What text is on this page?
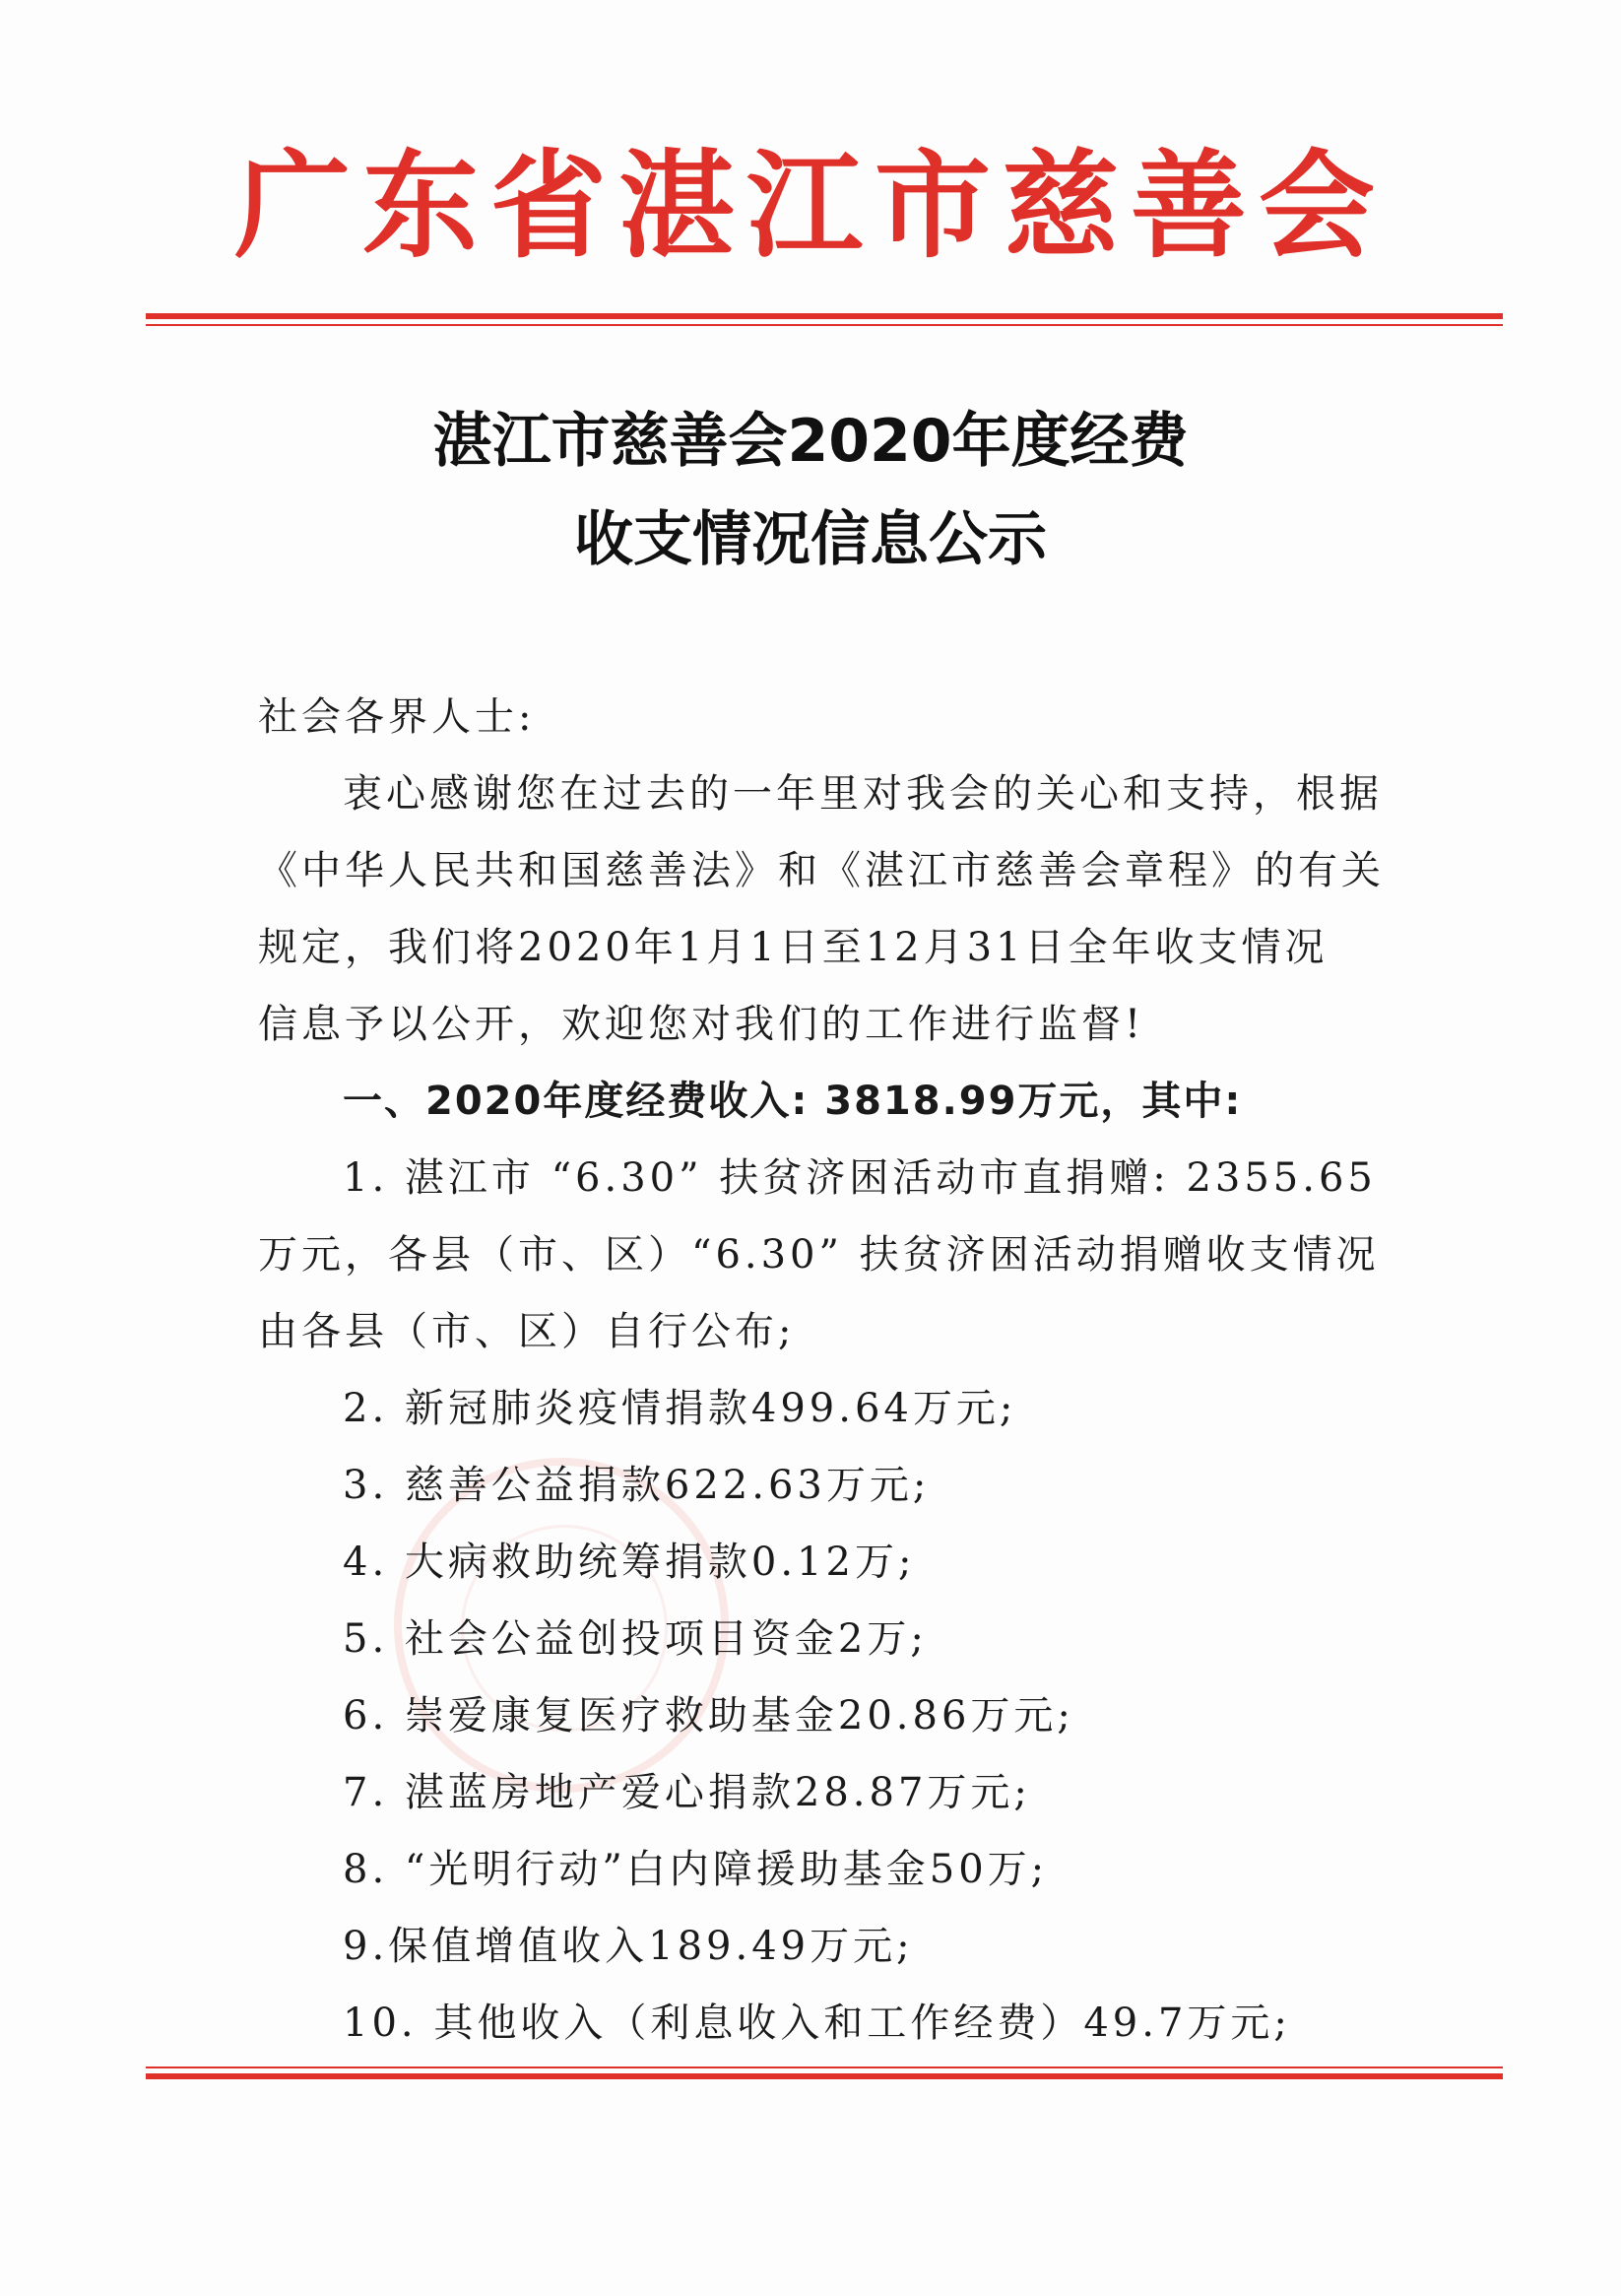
广东省湛江市慈善会
湛江市慈善会2020年度经费
收支情况信息公示
社会各界人士:
衷心感谢您在过去的一年里对我会的关心和支持，根据
《中华人民共和国慈善法》和《湛江市慈善会章程》的有关
规定，我们将2020年1月1日至12月31日全年收支情况
信息予以公开，欢迎您对我们的工作进行监督!
一、2020年度经费收入: 3818.99万元，其中:
1. 湛江市 “6.30” 扶贫济困活动市直捐赠: 2355.65
万元，各县（市、区）“6.30” 扶贫济困活动捐赠收支情况
由各县（市、区）自行公布;
2. 新冠肺炎疫情捐款499.64万元;
3. 慈善公益捐款622.63万元;
4. 大病救助统筹捐款0.12万;
5. 社会公益创投项目资金2万;
6. 崇爱康复医疗救助基金20.86万元;
7. 湛蓝房地产爱心捐款28.87万元;
8. “光明行动”白内障援助基金50万;
9.保值增值收入189.49万元;
10. 其他收入（利息收入和工作经费）49.7万元;
